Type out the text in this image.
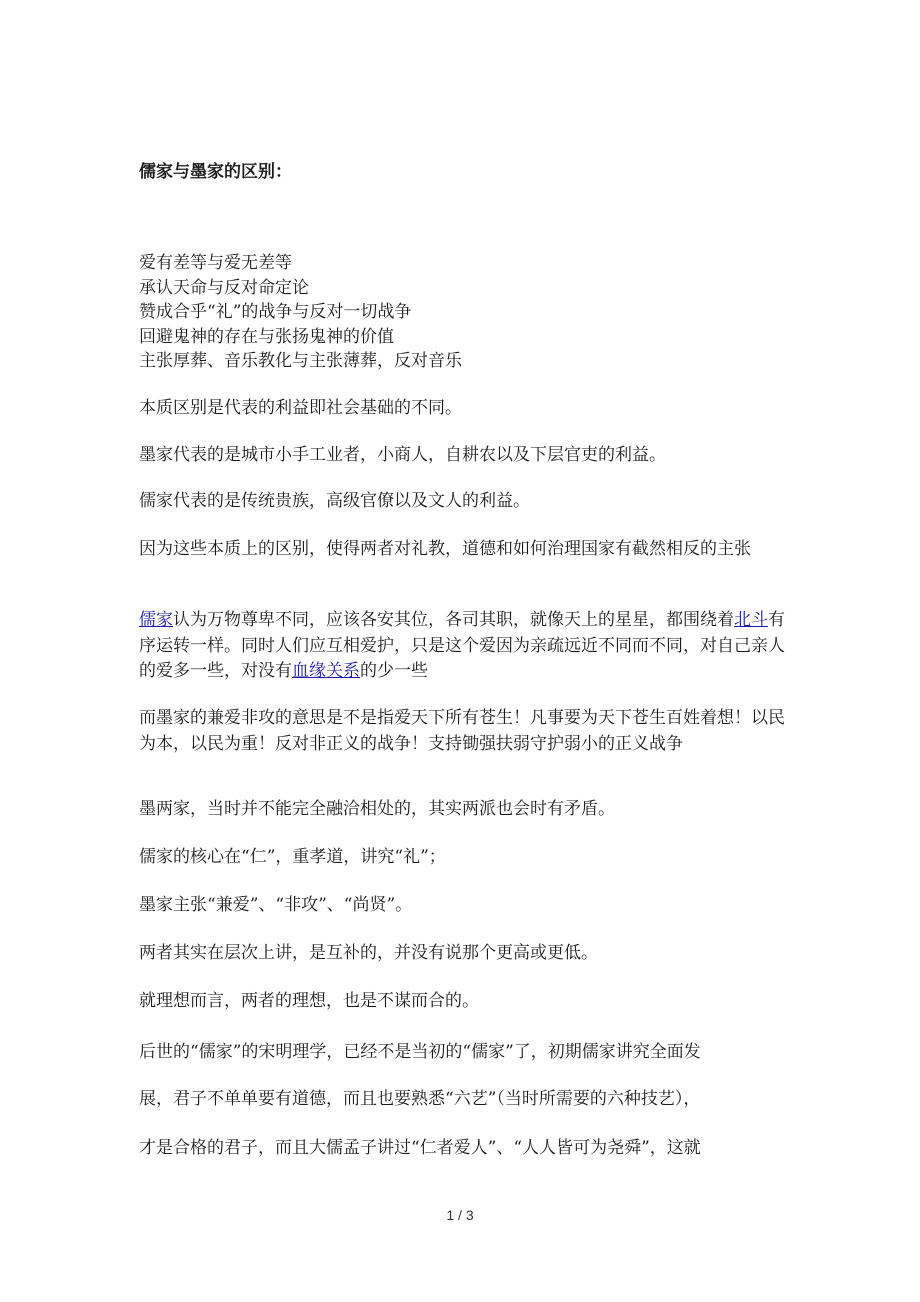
儒家与墨家的区别：
爱有差等与爱无差等
承认天命与反对命定论
赞成合乎“礼”的战争与反对一切战争
回避鬼神的存在与张扬鬼神的价值
主张厚葬、音乐教化与主张薄葬，反对音乐

本质区别是代表的利益即社会基础的不同。

墨家代表的是城市小手工业者，小商人，自耕农以及下层官吏的利益。

儒家代表的是传统贵族，高级官僚以及文人的利益。

因为这些本质上的区别，使得两者对礼教，道德和如何治理国家有截然相反的主张

儒家认为万物尊卑不同，应该各安其位，各司其职，就像天上的星星，都围绕着北斗有序运转一样。同时人们应互相爱护，只是这个爱因为亲疏远近不同而不同，对自己亲人的爱多一些，对没有血缘关系的少一些

而墨家的兼爱非攻的意思是不是指爱天下所有苍生！凡事要为天下苍生百姓着想！以民为本，以民为重！反对非正义的战争！支持锄强扶弱守护弱小的正义战争

墨两家，当时并不能完全融洽相处的，其实两派也会时有矛盾。

儒家的核心在“仁”，重孝道，讲究“礼”；

墨家主张“兼爱”、“非攻”、“尚贤”。

两者其实在层次上讲，是互补的，并没有说那个更高或更低。

就理想而言，两者的理想，也是不谋而合的。

后世的“儒家”的宋明理学，已经不是当初的“儒家”了，初期儒家讲究全面发

展，君子不单单要有道德，而且也要熟悉“六艺”（当时所需要的六种技艺），

才是合格的君子，而且大儒孟子讲过“仁者爱人”、“人人皆可为尧舜”，这就

1 / 3
